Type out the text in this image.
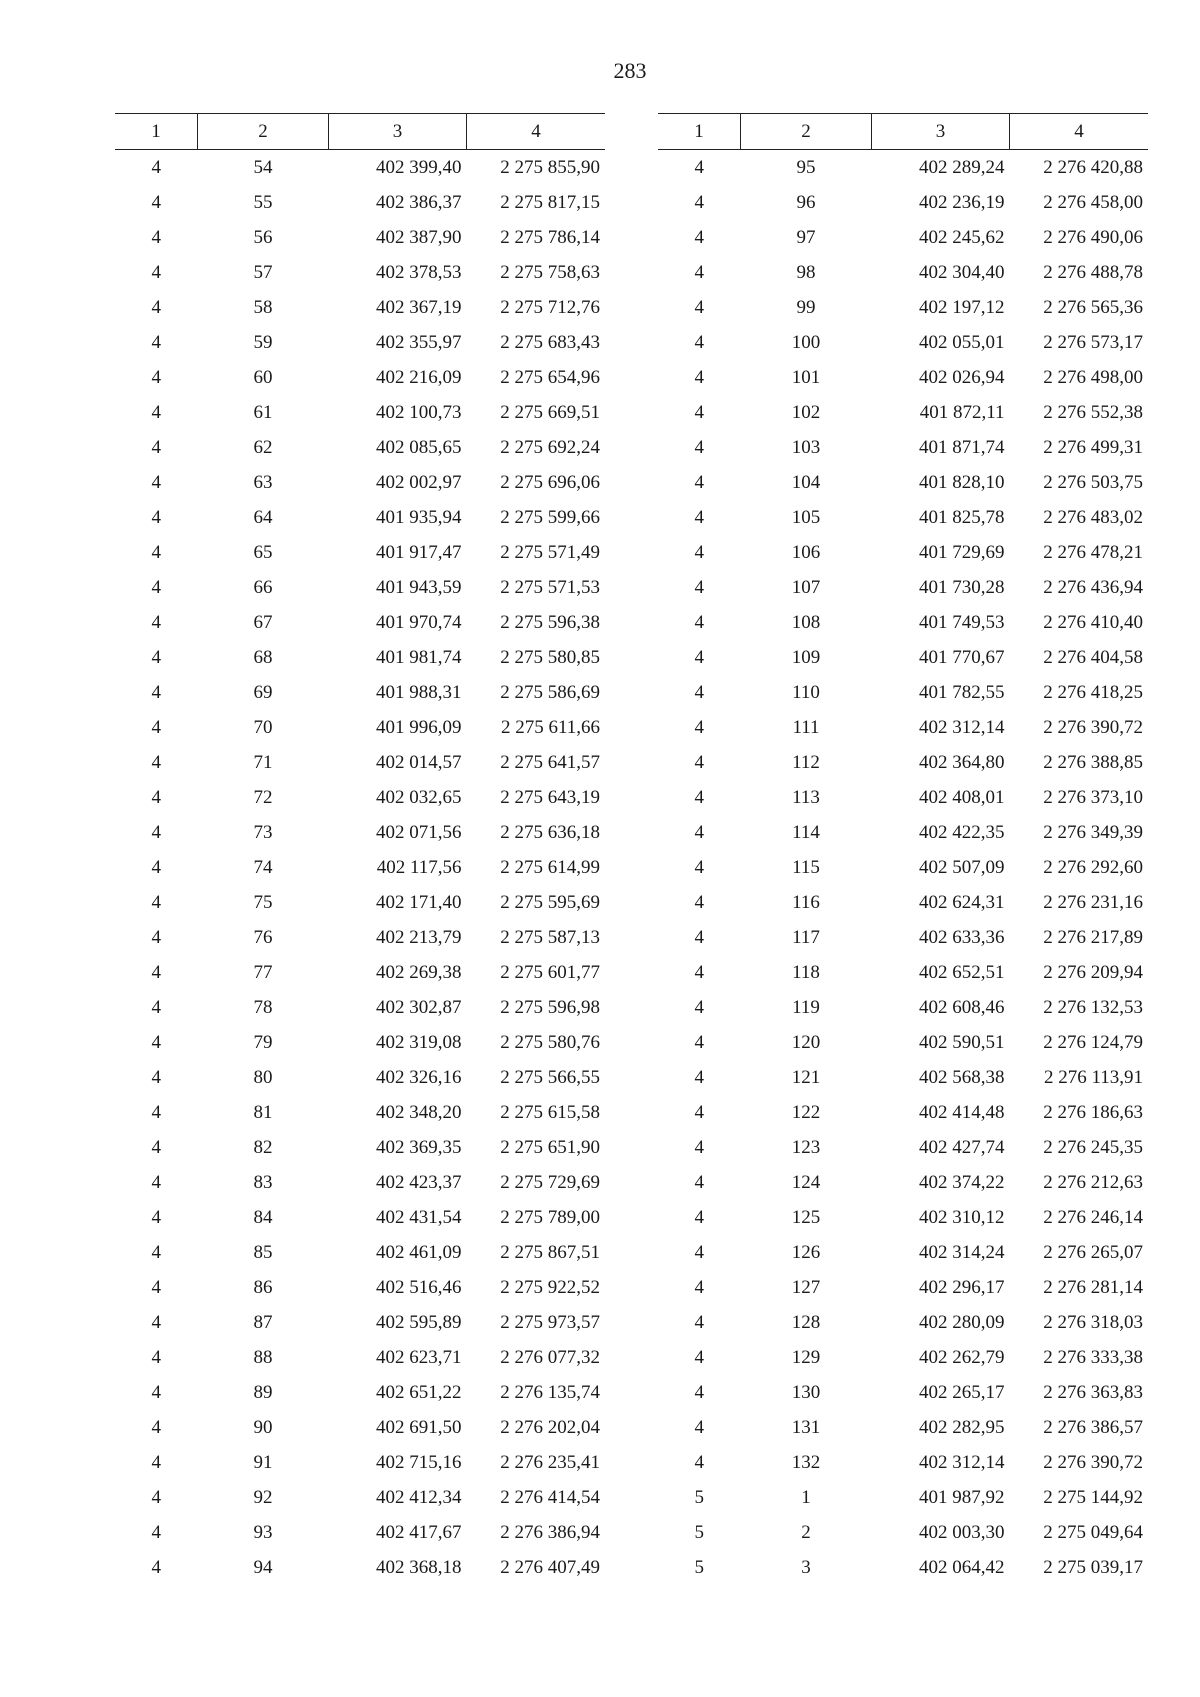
283
1	2	3	4
4	54	402 399,40	2 275 855,90
4	55	402 386,37	2 275 817,15
4	56	402 387,90	2 275 786,14
4	57	402 378,53	2 275 758,63
4	58	402 367,19	2 275 712,76
4	59	402 355,97	2 275 683,43
4	60	402 216,09	2 275 654,96
4	61	402 100,73	2 275 669,51
4	62	402 085,65	2 275 692,24
4	63	402 002,97	2 275 696,06
4	64	401 935,94	2 275 599,66
4	65	401 917,47	2 275 571,49
4	66	401 943,59	2 275 571,53
4	67	401 970,74	2 275 596,38
4	68	401 981,74	2 275 580,85
4	69	401 988,31	2 275 586,69
4	70	401 996,09	2 275 611,66
4	71	402 014,57	2 275 641,57
4	72	402 032,65	2 275 643,19
4	73	402 071,56	2 275 636,18
4	74	402 117,56	2 275 614,99
4	75	402 171,40	2 275 595,69
4	76	402 213,79	2 275 587,13
4	77	402 269,38	2 275 601,77
4	78	402 302,87	2 275 596,98
4	79	402 319,08	2 275 580,76
4	80	402 326,16	2 275 566,55
4	81	402 348,20	2 275 615,58
4	82	402 369,35	2 275 651,90
4	83	402 423,37	2 275 729,69
4	84	402 431,54	2 275 789,00
4	85	402 461,09	2 275 867,51
4	86	402 516,46	2 275 922,52
4	87	402 595,89	2 275 973,57
4	88	402 623,71	2 276 077,32
4	89	402 651,22	2 276 135,74
4	90	402 691,50	2 276 202,04
4	91	402 715,16	2 276 235,41
4	92	402 412,34	2 276 414,54
4	93	402 417,67	2 276 386,94
4	94	402 368,18	2 276 407,49
1	2	3	4
4	95	402 289,24	2 276 420,88
4	96	402 236,19	2 276 458,00
4	97	402 245,62	2 276 490,06
4	98	402 304,40	2 276 488,78
4	99	402 197,12	2 276 565,36
4	100	402 055,01	2 276 573,17
4	101	402 026,94	2 276 498,00
4	102	401 872,11	2 276 552,38
4	103	401 871,74	2 276 499,31
4	104	401 828,10	2 276 503,75
4	105	401 825,78	2 276 483,02
4	106	401 729,69	2 276 478,21
4	107	401 730,28	2 276 436,94
4	108	401 749,53	2 276 410,40
4	109	401 770,67	2 276 404,58
4	110	401 782,55	2 276 418,25
4	111	402 312,14	2 276 390,72
4	112	402 364,80	2 276 388,85
4	113	402 408,01	2 276 373,10
4	114	402 422,35	2 276 349,39
4	115	402 507,09	2 276 292,60
4	116	402 624,31	2 276 231,16
4	117	402 633,36	2 276 217,89
4	118	402 652,51	2 276 209,94
4	119	402 608,46	2 276 132,53
4	120	402 590,51	2 276 124,79
4	121	402 568,38	2 276 113,91
4	122	402 414,48	2 276 186,63
4	123	402 427,74	2 276 245,35
4	124	402 374,22	2 276 212,63
4	125	402 310,12	2 276 246,14
4	126	402 314,24	2 276 265,07
4	127	402 296,17	2 276 281,14
4	128	402 280,09	2 276 318,03
4	129	402 262,79	2 276 333,38
4	130	402 265,17	2 276 363,83
4	131	402 282,95	2 276 386,57
4	132	402 312,14	2 276 390,72
5	1	401 987,92	2 275 144,92
5	2	402 003,30	2 275 049,64
5	3	402 064,42	2 275 039,17
